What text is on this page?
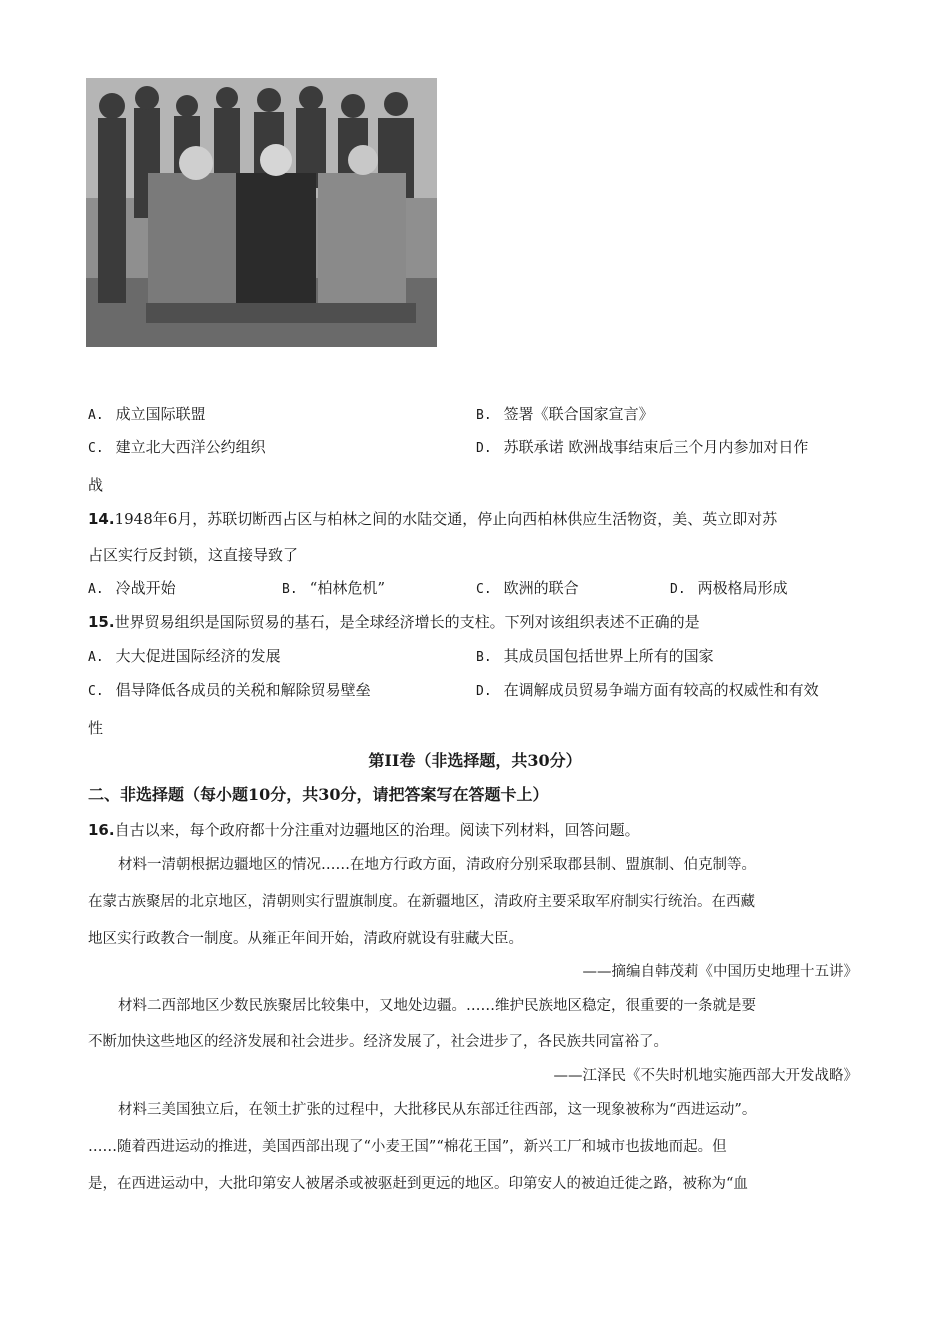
A. 成立国际联盟	B. 签署《联合国家宣言》
C. 建立北大西洋公约组织	D. 苏联承诺 欧洲战事结束后三个月内参加对日作
战
14.1948年6月，苏联切断西占区与柏林之间的水陆交通，停止向西柏林供应生活物资，美、英立即对苏
占区实行反封锁，这直接导致了
A. 冷战开始	B. “柏林危机”	C. 欧洲的联合	D. 两极格局形成
15.世界贸易组织是国际贸易的基石，是全球经济增长的支柱。下列对该组织表述不正确的是
A. 大大促进国际经济的发展	B. 其成员国包括世界上所有的国家
C. 倡导降低各成员的关税和解除贸易壁垒	D. 在调解成员贸易争端方面有较高的权威性和有效
性
第II卷（非选择题，共30分）
二、非选择题（每小题10分，共30分，请把答案写在答题卡上）
16.自古以来，每个政府都十分注重对边疆地区的治理。阅读下列材料，回答问题。
材料一清朝根据边疆地区的情况……在地方行政方面，清政府分别采取郡县制、盟旗制、伯克制等。
在蒙古族聚居的北京地区，清朝则实行盟旗制度。在新疆地区，清政府主要采取军府制实行统治。在西藏
地区实行政教合一制度。从雍正年间开始，清政府就设有驻藏大臣。
——摘编自韩茂莉《中国历史地理十五讲》
材料二西部地区少数民族聚居比较集中，又地处边疆。……维护民族地区稳定，很重要的一条就是要
不断加快这些地区的经济发展和社会进步。经济发展了，社会进步了，各民族共同富裕了。
——江泽民《不失时机地实施西部大开发战略》
材料三美国独立后，在领土扩张的过程中，大批移民从东部迁往西部，这一现象被称为“西进运动”。
……随着西进运动的推进，美国西部出现了“小麦王国”“棉花王国”，新兴工厂和城市也拔地而起。但
是，在西进运动中，大批印第安人被屠杀或被驱赶到更远的地区。印第安人的被迫迁徙之路，被称为“血
